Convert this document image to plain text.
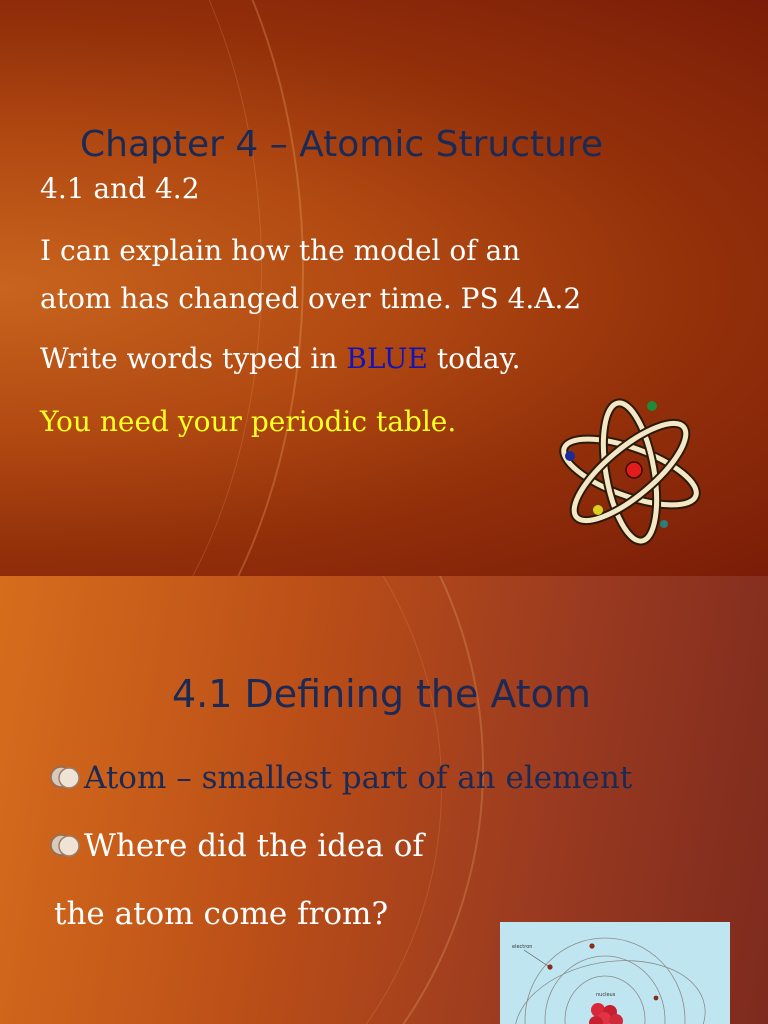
Chapter 4 – Atomic Structure

4.1 and 4.2

I can explain how the model of an

atom has changed over time. PS 4.A.2

Write words typed in BLUE today.

You need your periodic table.

4.1 Defining the Atom
Atom – smallest part of an element
Where did the idea of
the atom come from?
electron
nucleus
